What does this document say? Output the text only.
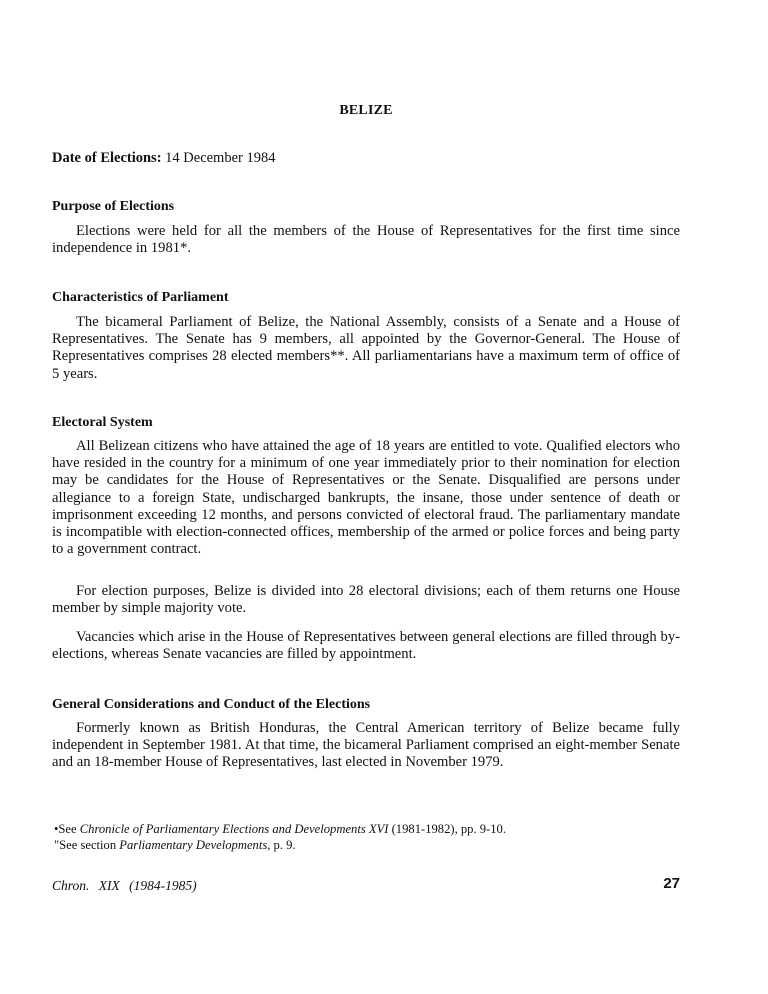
BELIZE
Date of Elections: 14 December 1984
Purpose of Elections

Elections were held for all the members of the House of Representatives for the first time since independence in 1981*.

Characteristics of Parliament

The bicameral Parliament of Belize, the National Assembly, consists of a Senate and a House of Representatives. The Senate has 9 members, all appointed by the Governor-General. The House of Representatives comprises 28 elected members**. All parliamentarians have a maximum term of office of 5 years.

Electoral System

All Belizean citizens who have attained the age of 18 years are entitled to vote. Qualified electors who have resided in the country for a minimum of one year immediately prior to their nomination for election may be candidates for the House of Representatives or the Senate. Disqualified are persons under allegiance to a foreign State, undischarged bankrupts, the insane, those under sentence of death or imprisonment exceeding 12 months, and persons convicted of electoral fraud. The parliamentary mandate is incompatible with election-connected offices, membership of the armed or police forces and being party to a government contract.

For election purposes, Belize is divided into 28 electoral divisions; each of them returns one House member by simple majority vote.

Vacancies which arise in the House of Representatives between general elections are filled through by-elections, whereas Senate vacancies are filled by appointment.

General Considerations and Conduct of the Elections

Formerly known as British Honduras, the Central American territory of Belize became fully independent in September 1981. At that time, the bicameral Parliament comprised an eight-member Senate and an 18-member House of Representatives, last elected in November 1979.

•See Chronicle of Parliamentary Elections and Developments XVI (1981-1982), pp. 9-10.
"See section Parliamentary Developments, p. 9.
Chron. XIX (1984-1985)	27
